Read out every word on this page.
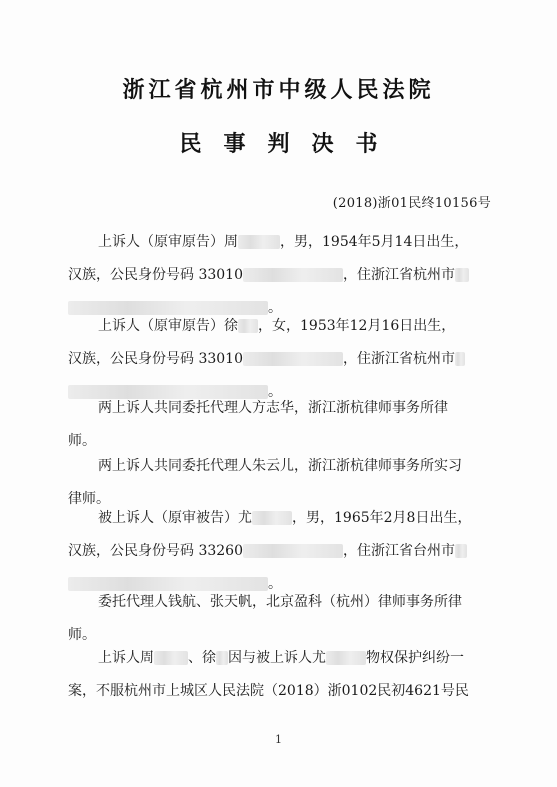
浙江省杭州市中级人民法院
民事判决书
(2018)浙01民终10156号
上诉人（原审原告）周	，男，1954年5月14日出生，
汉族，公民身份号码 33010	，住浙江省杭州市
。
上诉人（原审原告）徐 ，女，1953年12月16日出生，
汉族，公民身份号码 33010	，住浙江省杭州市
。
两上诉人共同委托代理人方志华，浙江浙杭律师事务所律
师。
两上诉人共同委托代理人朱云儿，浙江浙杭律师事务所实习
律师。
被上诉人（原审被告）尤	，男，1965年2月8日出生，
汉族，公民身份号码 33260	，住浙江省台州市
。
委托代理人钱航、张天帆，北京盈科（杭州）律师事务所律
师。
上诉人周 、徐 因与被上诉人尤	物权保护纠纷一
案，不服杭州市上城区人民法院（2018）浙0102民初4621号民
1
